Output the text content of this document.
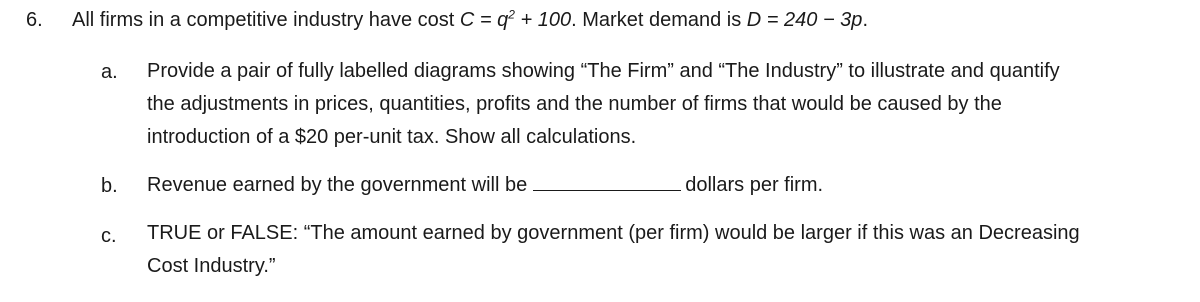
6. All firms in a competitive industry have cost $C = q^2 + 100$. Market demand is D = 240 − 3p.
a. Provide a pair of fully labelled diagrams showing “The Firm” and “The Industry” to illustrate and quantify
the adjustments in prices, quantities, profits and the number of firms that would be caused by the
introduction of a $20 per-unit tax. Show all calculations.
b. Revenue earned by the government will be	dollars per firm.
c. TRUE or FALSE: “The amount earned by government (per firm) would be larger if this was an Decreasing
Cost Industry.”
